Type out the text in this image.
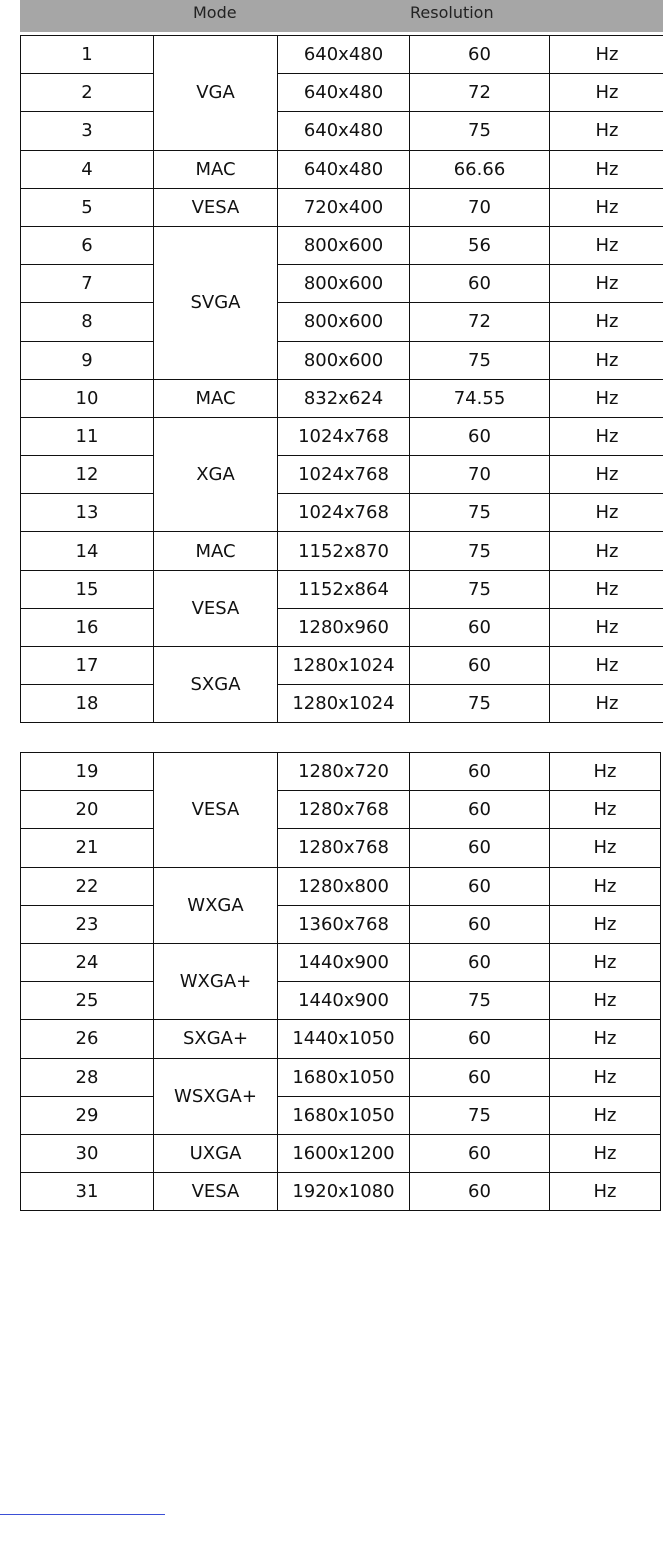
Mode	Resolution
1	VGA	640x480	60	Hz
2		640x480	72	Hz
3		640x480	75	Hz
4	MAC	640x480	66.66	Hz
5	VESA	720x400	70	Hz
6	SVGA	800x600	56	Hz
7		800x600	60	Hz
8		800x600	72	Hz
9		800x600	75	Hz
10	MAC	832x624	74.55	Hz
11	XGA	1024x768	60	Hz
12		1024x768	70	Hz
13		1024x768	75	Hz
14	MAC	1152x870	75	Hz
15	VESA	1152x864	75	Hz
16		1280x960	60	Hz
17	SXGA	1280x1024	60	Hz
18		1280x1024	75	Hz
19	VESA	1280x720	60	Hz
20		1280x768	60	Hz
21		1280x768	60	Hz
22	WXGA	1280x800	60	Hz
23		1360x768	60	Hz
24	WXGA+	1440x900	60	Hz
25		1440x900	75	Hz
26	SXGA+	1440x1050	60	Hz
28	WSXGA+	1680x1050	60	Hz
29		1680x1050	75	Hz
30	UXGA	1600x1200	60	Hz
31	VESA	1920x1080	60	Hz
